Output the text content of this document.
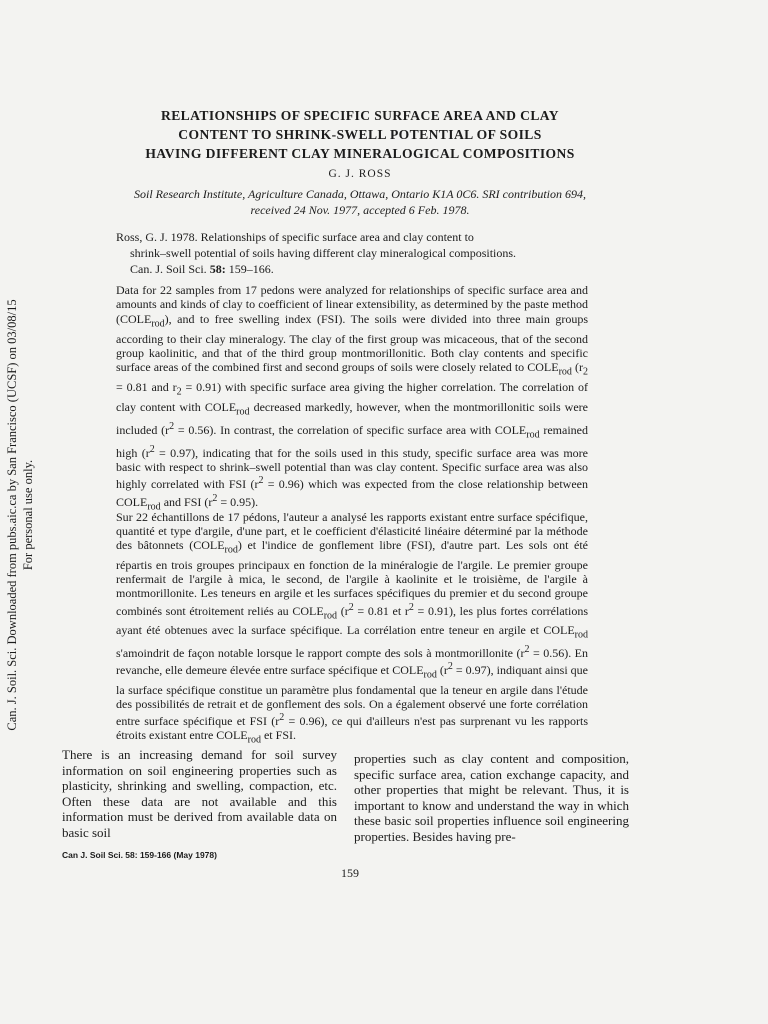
Can. J. Soil. Sci. Downloaded from pubs.aic.ca by San Francisco (UCSF) on 03/08/15 For personal use only.
RELATIONSHIPS OF SPECIFIC SURFACE AREA AND CLAY
CONTENT TO SHRINK-SWELL POTENTIAL OF SOILS
HAVING DIFFERENT CLAY MINERALOGICAL COMPOSITIONS
G. J. ROSS
Soil Research Institute, Agriculture Canada, Ottawa, Ontario K1A 0C6. SRI contribution 694,
received 24 Nov. 1977, accepted 6 Feb. 1978.
Ross, G. J. 1978. Relationships of specific surface area and clay content to
shrink–swell potential of soils having different clay mineralogical compositions.
Can. J. Soil Sci. 58: 159–166.
Data for 22 samples from 17 pedons were analyzed for relationships of specific surface area and amounts and kinds of clay to coefficient of linear extensibility, as determined by the paste method $(COLE_{rod})$, and to free swelling index (FSI). The soils were divided into three main groups according to their clay mineralogy. The clay of the first group was micaceous, that of the second group kaolinitic, and that of the third group montmorillonitic. Both clay contents and specific surface areas of the combined first and second groups of soils were closely related to $COLE_{rod}$ ($r_2 = 0.81$ and $r_2 = 0.91$) with specific surface area giving the higher correlation. The correlation of clay content with $COLE_{rod}$ decreased markedly, however, when the montmorillonitic soils were included $(r^2 = 0.56)$. In contrast, the correlation of specific surface area with $COLE_{rod}$ remained high $(r^2 = 0.97)$, indicating that for the soils used in this study, specific surface area was more basic with respect to shrink–swell potential than was clay content. Specific surface area was also highly correlated with FSI $(r^2 = 0.96)$ which was expected from the close relationship between $COLE_{rod}$ and FSI $(r^2 = 0.95)$.
Sur 22 échantillons de 17 pédons, l'auteur a analysé les rapports existant entre surface spécifique, quantité et type d'argile, d'une part, et le coefficient d'élasticité linéaire déterminé par la méthode des bâtonnets $(COLE_{rod})$ et l'indice de gonflement libre (FSI), d'autre part. Les sols ont été répartis en trois groupes principaux en fonction de la minéralogie de l'argile. Le premier groupe renfermait de l'argile à mica, le second, de l'argile à kaolinite et le troisième, de l'argile à montmorillonite. Les teneurs en argile et les surfaces spécifiques du premier et du second groupe combinés sont étroitement reliés au $COLE_{rod}$ ($r^2 = 0.81$ et $r^2 = 0.91$), les plus fortes corrélations ayant été obtenues avec la surface spécifique. La corrélation entre teneur en argile et $COLE_{rod}$ s'amoindrit de façon notable lorsque le rapport compte des sols à montmorillonite $(r^2 = 0.56)$. En revanche, elle demeure élevée entre surface spécifique et $COLE_{rod}$ $(r^2 = 0.97)$, indiquant ainsi que la surface spécifique constitue un paramètre plus fondamental que la teneur en argile dans l'étude des possibilités de retrait et de gonflement des sols. On a également observé une forte corrélation entre surface spécifique et FSI $(r^2 = 0.96)$, ce qui d'ailleurs n'est pas surprenant vu les rapports étroits existant entre $COLE_{rod}$ et FSI.
There is an increasing demand for soil survey information on soil engineering properties such as plasticity, shrinking and swelling, compaction, etc. Often these data are not available and this information must be derived from available data on basic soil
properties such as clay content and composition, specific surface area, cation exchange capacity, and other properties that might be relevant. Thus, it is important to know and understand the way in which these basic soil properties influence soil engineering properties. Besides having pre-
Can J. Soil Sci. 58: 159-166 (May 1978)
159
